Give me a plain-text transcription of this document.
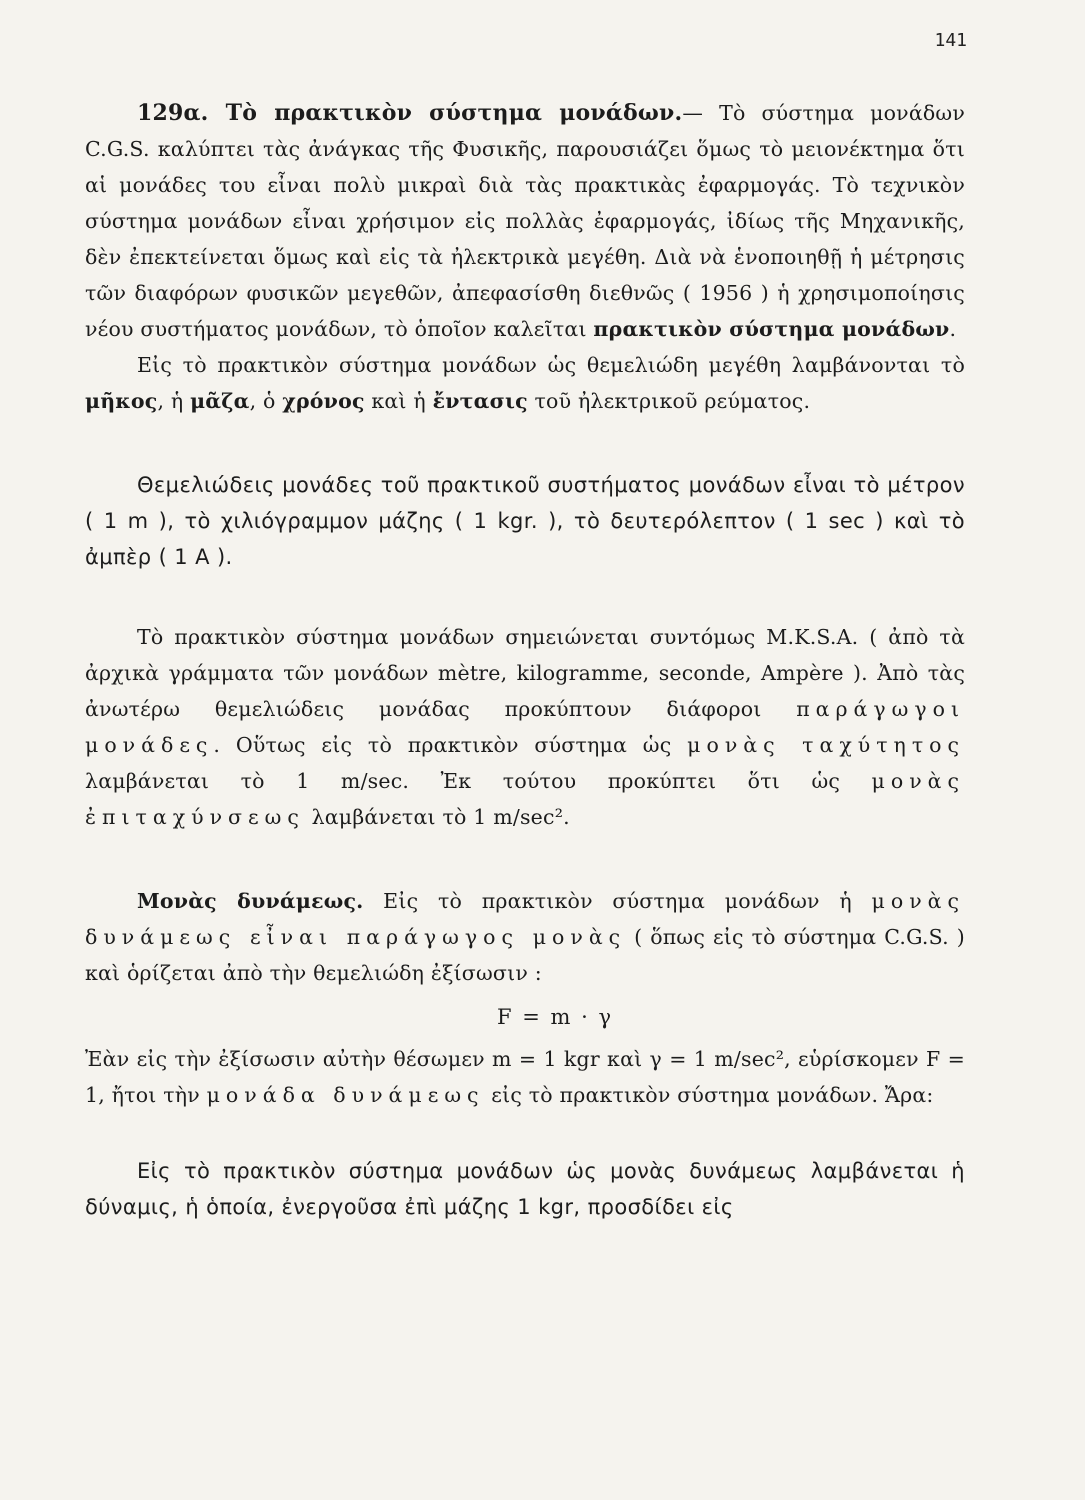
141

129α. Τὸ πρακτικὸν σύστημα μονάδων.— Τὸ σύστημα μονάδων C.G.S. καλύπτει τὰς ἀνάγκας τῆς Φυσικῆς, παρουσιάζει ὅμως τὸ μειονέκτημα ὅτι αἱ μονάδες του εἶναι πολὺ μικραὶ διὰ τὰς πρακτικὰς ἐφαρμογάς. Τὸ τεχνικὸν σύστημα μονάδων εἶναι χρήσιμον εἰς πολλὰς ἐφαρμογάς, ἰδίως τῆς Μηχανικῆς, δὲν ἐπεκτείνεται ὅμως καὶ εἰς τὰ ἠλεκτρικὰ μεγέθη. Διὰ νὰ ἑνοποιηθῇ ἡ μέτρησις τῶν διαφόρων φυσικῶν μεγεθῶν, ἀπεφασίσθη διεθνῶς ( 1956 ) ἡ χρησιμοποίησις νέου συστήματος μονάδων, τὸ ὁποῖον καλεῖται πρακτικὸν σύστημα μονάδων.

Εἰς τὸ πρακτικὸν σύστημα μονάδων ὡς θεμελιώδη μεγέθη λαμβάνονται τὸ μῆκος, ἡ μᾶζα, ὁ χρόνος καὶ ἡ ἔντασις τοῦ ἠλεκτρικοῦ ρεύματος.

Θεμελιώδεις μονάδες τοῦ πρακτικοῦ συστήματος μονάδων εἶναι τὸ μέτρον ( 1 m ), τὸ χιλιόγραμμον μάζης ( 1 kgr. ), τὸ δευτερόλεπτον ( 1 sec ) καὶ τὸ ἀμπὲρ ( 1 A ).

Τὸ πρακτικὸν σύστημα μονάδων σημειώνεται συντόμως M.K.S.A. ( ἀπὸ τὰ ἀρχικὰ γράμματα τῶν μονάδων mètre, kilogramme, seconde, Ampère ). Ἀπὸ τὰς ἀνωτέρω θεμελιώδεις μονάδας προκύπτουν διάφοροι παράγωγοι μονάδες. Οὕτως εἰς τὸ πρακτικὸν σύστημα ὡς μονὰς ταχύτητος λαμβάνεται τὸ 1 m/sec. Ἐκ τούτου προκύπτει ὅτι ὡς μονὰς ἐπιταχύνσεως λαμβάνεται τὸ 1 m/sec².

Μονὰς δυνάμεως. Εἰς τὸ πρακτικὸν σύστημα μονάδων ἡ μονὰς δυνάμεως εἶναι παράγωγος μονὰς ( ὅπως εἰς τὸ σύστημα C.G.S. ) καὶ ὁρίζεται ἀπὸ τὴν θεμελιώδη ἐξίσωσιν :

F = m · γ

Ἐὰν εἰς τὴν ἐξίσωσιν αὐτὴν θέσωμεν m = 1 kgr καὶ γ = 1 m/sec², εὑρίσκομεν F = 1, ἤτοι τὴν μονάδα δυνάμεως εἰς τὸ πρακτικὸν σύστημα μονάδων. Ἄρα:

Εἰς τὸ πρακτικὸν σύστημα μονάδων ὡς μονὰς δυνάμεως λαμβάνεται ἡ δύναμις, ἡ ὁποία, ἐνεργοῦσα ἐπὶ μάζης 1 kgr, προσδίδει εἰς
